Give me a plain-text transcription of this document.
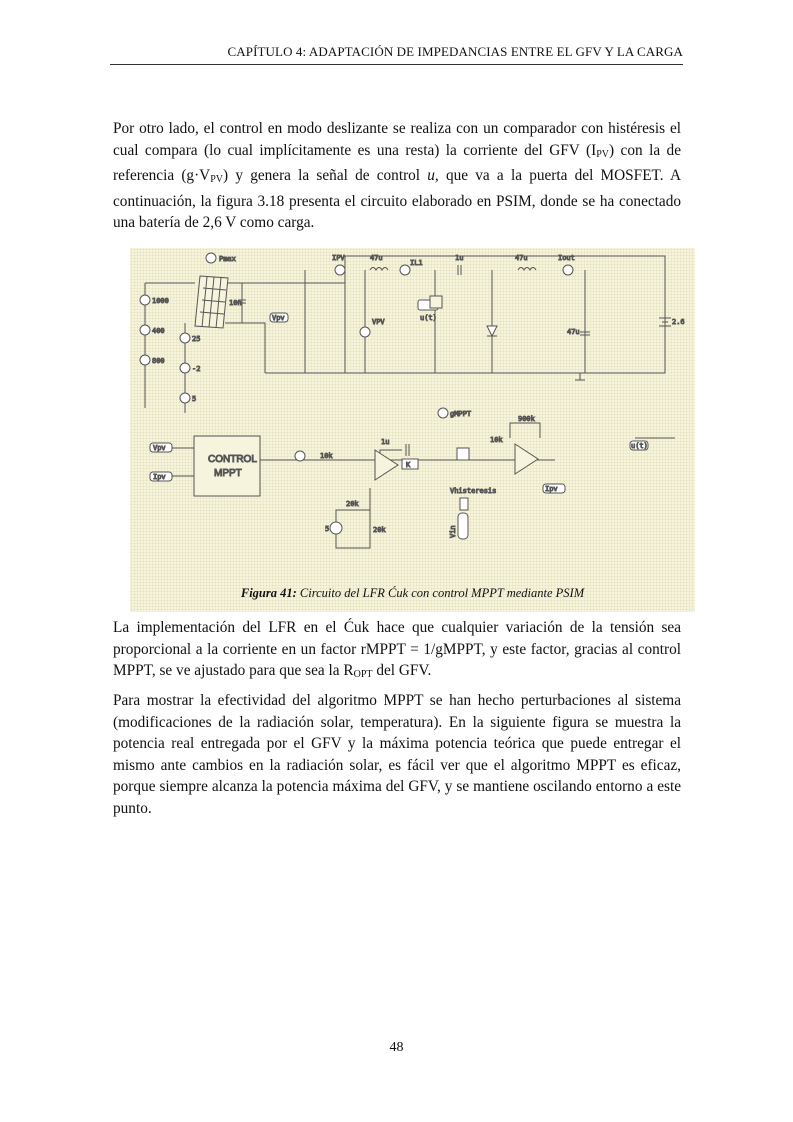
CAPÍTULO 4: ADAPTACIÓN DE IMPEDANCIAS ENTRE EL GFV Y LA CARGA
Por otro lado, el control en modo deslizante se realiza con un comparador con histéresis el cual compara (lo cual implícitamente es una resta) la corriente del GFV $(I_{PV})$ con la de referencia $(g\cdot V_{PV})$ y genera la señal de control u, que va a la puerta del MOSFET. A continuación, la figura 3.18 presenta el circuito elaborado en PSIM, donde se ha conectado una batería de 2,6 V como carga.
Pmax
1000
400
800
25
-2
5
10n
IPV	47u
IL1
1u	47u	Iout
VPV
Vpv	u(t)
47u
2.6
Vpv
Ipv
CONTROL
MPPT
10k
1u
K
gMPPT
10k
900k
u(t)
Vhisteresis
Vin
Ipv
5
20k
20k
Figura 41: Circuito del LFR Ćuk con control MPPT mediante PSIM
La implementación del LFR en el Ćuk hace que cualquier variación de la tensión sea proporcional a la corriente en un factor rMPPT = 1/gMPPT, y este factor, gracias al control MPPT, se ve ajustado para que sea la $R_{OPT}$ del GFV.
Para mostrar la efectividad del algoritmo MPPT se han hecho perturbaciones al sistema (modificaciones de la radiación solar, temperatura). En la siguiente figura se muestra la potencia real entregada por el GFV y la máxima potencia teórica que puede entregar el mismo ante cambios en la radiación solar, es fácil ver que el algoritmo MPPT es eficaz, porque siempre alcanza la potencia máxima del GFV, y se mantiene oscilando entorno a este punto.
48
